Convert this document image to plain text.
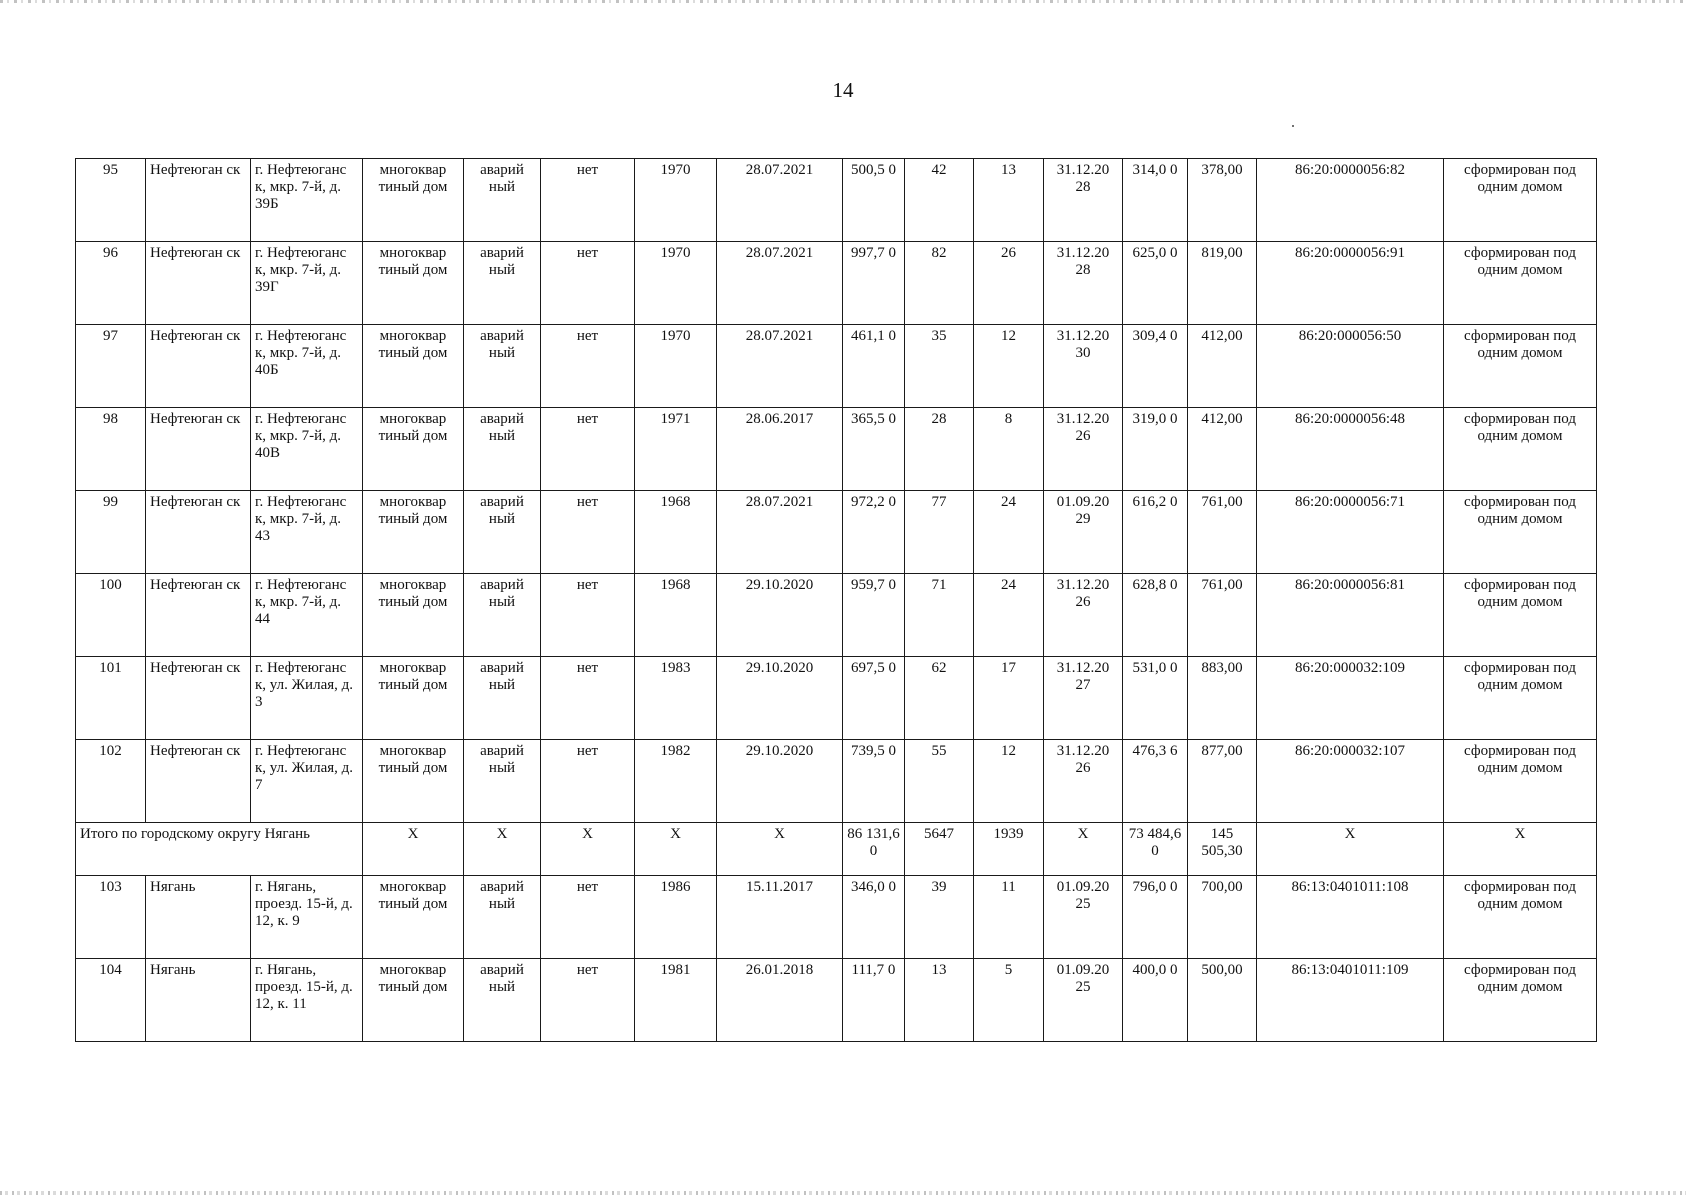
14
95	Нефтеюган ск	г. Нефтеюганс к, мкр. 7-й, д. 39Б	многоквар тиный дом	аварий ный	нет	1970	28.07.2021	500,5 0	42	13	31.12.20 28	314,0 0	378,00	86:20:0000056:82	сформирован под одним домом
96	Нефтеюган ск	г. Нефтеюганс к, мкр. 7-й, д. 39Г	многоквар тиный дом	аварий ный	нет	1970	28.07.2021	997,7 0	82	26	31.12.20 28	625,0 0	819,00	86:20:0000056:91	сформирован под одним домом
97	Нефтеюган ск	г. Нефтеюганс к, мкр. 7-й, д. 40Б	многоквар тиный дом	аварий ный	нет	1970	28.07.2021	461,1 0	35	12	31.12.20 30	309,4 0	412,00	86:20:000056:50	сформирован под одним домом
98	Нефтеюган ск	г. Нефтеюганс к, мкр. 7-й, д. 40В	многоквар тиный дом	аварий ный	нет	1971	28.06.2017	365,5 0	28	8	31.12.20 26	319,0 0	412,00	86:20:0000056:48	сформирован под одним домом
99	Нефтеюган ск	г. Нефтеюганс к, мкр. 7-й, д. 43	многоквар тиный дом	аварий ный	нет	1968	28.07.2021	972,2 0	77	24	01.09.20 29	616,2 0	761,00	86:20:0000056:71	сформирован под одним домом
100	Нефтеюган ск	г. Нефтеюганс к, мкр. 7-й, д. 44	многоквар тиный дом	аварий ный	нет	1968	29.10.2020	959,7 0	71	24	31.12.20 26	628,8 0	761,00	86:20:0000056:81	сформирован под одним домом
101	Нефтеюган ск	г. Нефтеюганс к, ул. Жилая, д. 3	многоквар тиный дом	аварий ный	нет	1983	29.10.2020	697,5 0	62	17	31.12.20 27	531,0 0	883,00	86:20:000032:109	сформирован под одним домом
102	Нефтеюган ск	г. Нефтеюганс к, ул. Жилая, д. 7	многоквар тиный дом	аварий ный	нет	1982	29.10.2020	739,5 0	55	12	31.12.20 26	476,3 6	877,00	86:20:000032:107	сформирован под одним домом
Итого по городскому округу Нягань			X	X	X	X	X	86 131,6 0	5647	1939	X	73 484,6 0	145 505,30	X	X
103	Нягань	г. Нягань, проезд. 15-й, д. 12, к. 9	многоквар тиный дом	аварий ный	нет	1986	15.11.2017	346,0 0	39	11	01.09.20 25	796,0 0	700,00	86:13:0401011:108	сформирован под одним домом
104	Нягань	г. Нягань, проезд. 15-й, д. 12, к. 11	многоквар тиный дом	аварий ный	нет	1981	26.01.2018	111,7 0	13	5	01.09.20 25	400,0 0	500,00	86:13:0401011:109	сформирован под одним домом
